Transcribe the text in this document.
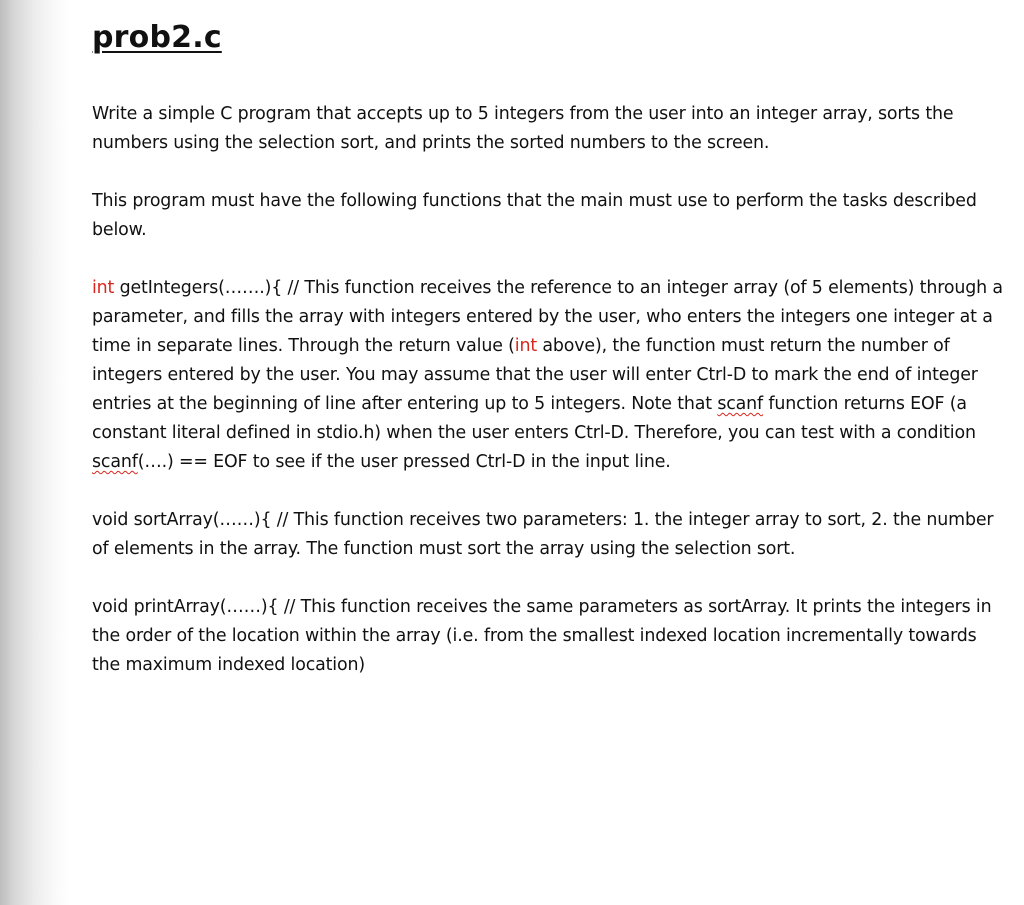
prob2.c

Write a simple C program that accepts up to 5 integers from the user into an integer array, sorts the numbers using the selection sort, and prints the sorted numbers to the screen.

This program must have the following functions that the main must use to perform the tasks described below.

int getIntegers(…….){ // This function receives the reference to an integer array (of 5 elements) through a parameter, and fills the array with integers entered by the user, who enters the integers one integer at a time in separate lines. Through the return value (int above), the function must return the number of integers entered by the user. You may assume that the user will enter Ctrl-D to mark the end of integer entries at the beginning of line after entering up to 5 integers. Note that scanf function returns EOF (a constant literal defined in stdio.h) when the user enters Ctrl-D. Therefore, you can test with a condition scanf(….) == EOF to see if the user pressed Ctrl-D in the input line.

void sortArray(……){ // This function receives two parameters: 1. the integer array to sort, 2. the number of elements in the array. The function must sort the array using the selection sort.

void printArray(……){ // This function receives the same parameters as sortArray. It prints the integers in the order of the location within the array (i.e. from the smallest indexed location incrementally towards the maximum indexed location)
